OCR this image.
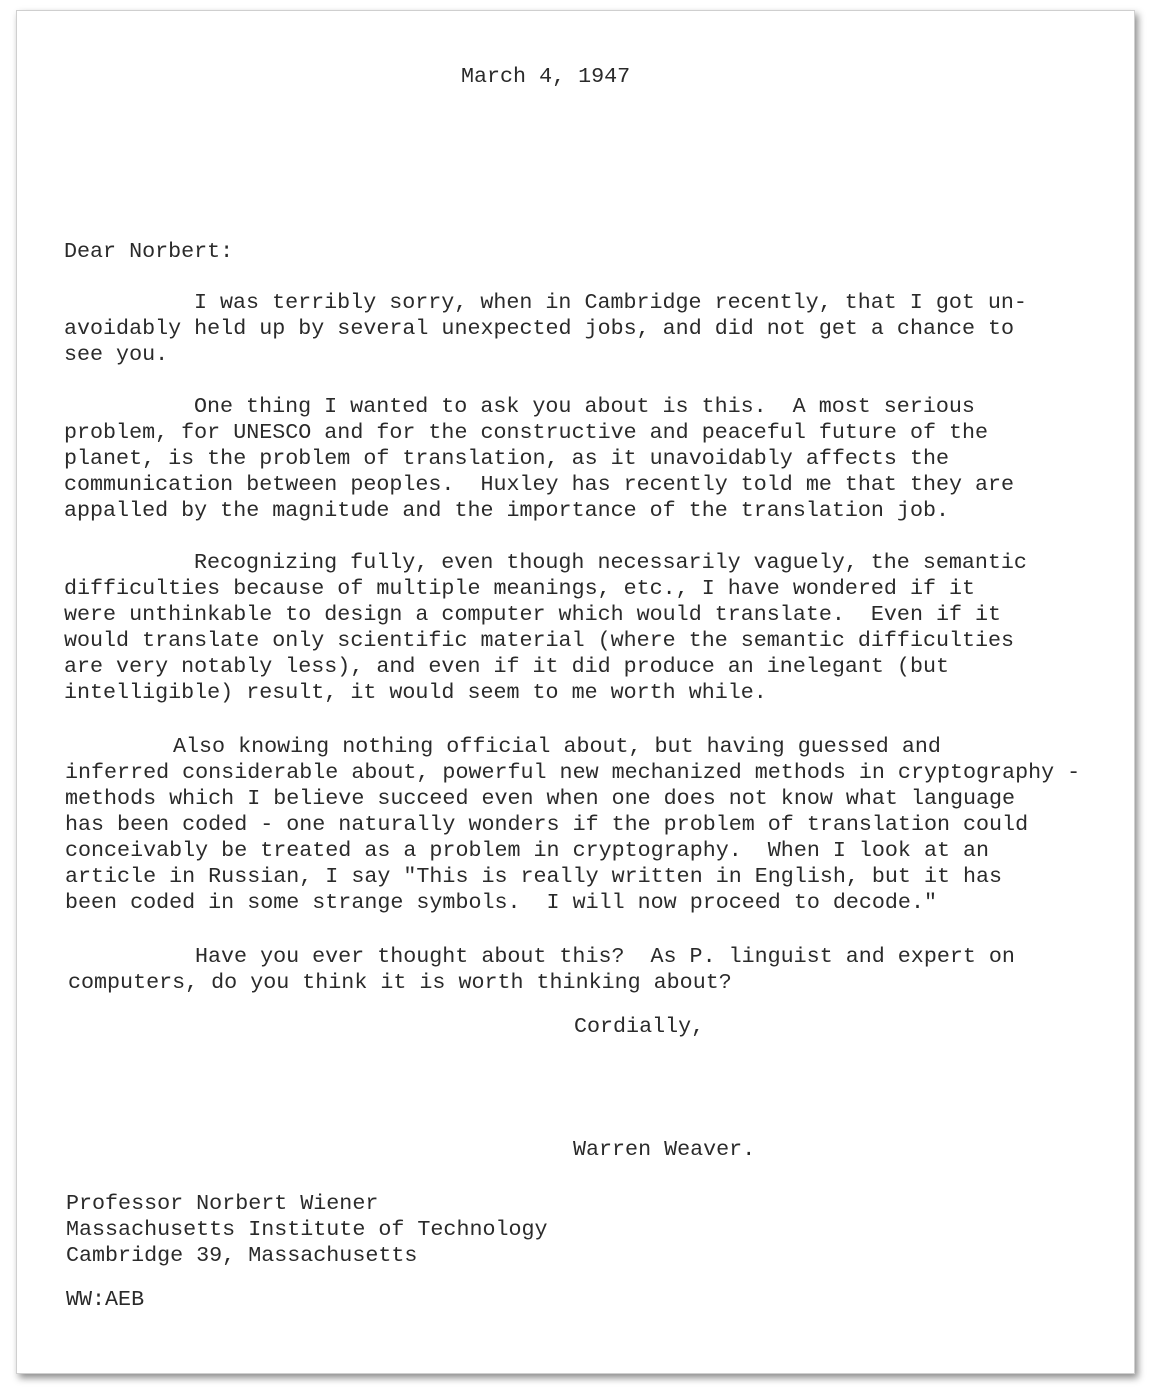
March 4, 1947

Dear Norbert:

I was terribly sorry, when in Cambridge recently, that I got un-

avoidably held up by several unexpected jobs, and did not get a chance to

see you.

One thing I wanted to ask you about is this.  A most serious

problem, for UNESCO and for the constructive and peaceful future of the

planet, is the problem of translation, as it unavoidably affects the

communication between peoples.  Huxley has recently told me that they are

appalled by the magnitude and the importance of the translation job.

Recognizing fully, even though necessarily vaguely, the semantic

difficulties because of multiple meanings, etc., I have wondered if it

were unthinkable to design a computer which would translate.  Even if it

would translate only scientific material (where the semantic difficulties

are very notably less), and even if it did produce an inelegant (but

intelligible) result, it would seem to me worth while.

Also knowing nothing official about, but having guessed and

inferred considerable about, powerful new mechanized methods in cryptography -

methods which I believe succeed even when one does not know what language

has been coded - one naturally wonders if the problem of translation could

conceivably be treated as a problem in cryptography.  When I look at an

article in Russian, I say "This is really written in English, but it has

been coded in some strange symbols.  I will now proceed to decode."

Have you ever thought about this?  As P. linguist and expert on

computers, do you think it is worth thinking about?

Cordially,

Warren Weaver.

Professor Norbert Wiener

Massachusetts Institute of Technology

Cambridge 39, Massachusetts

WW:AEB
